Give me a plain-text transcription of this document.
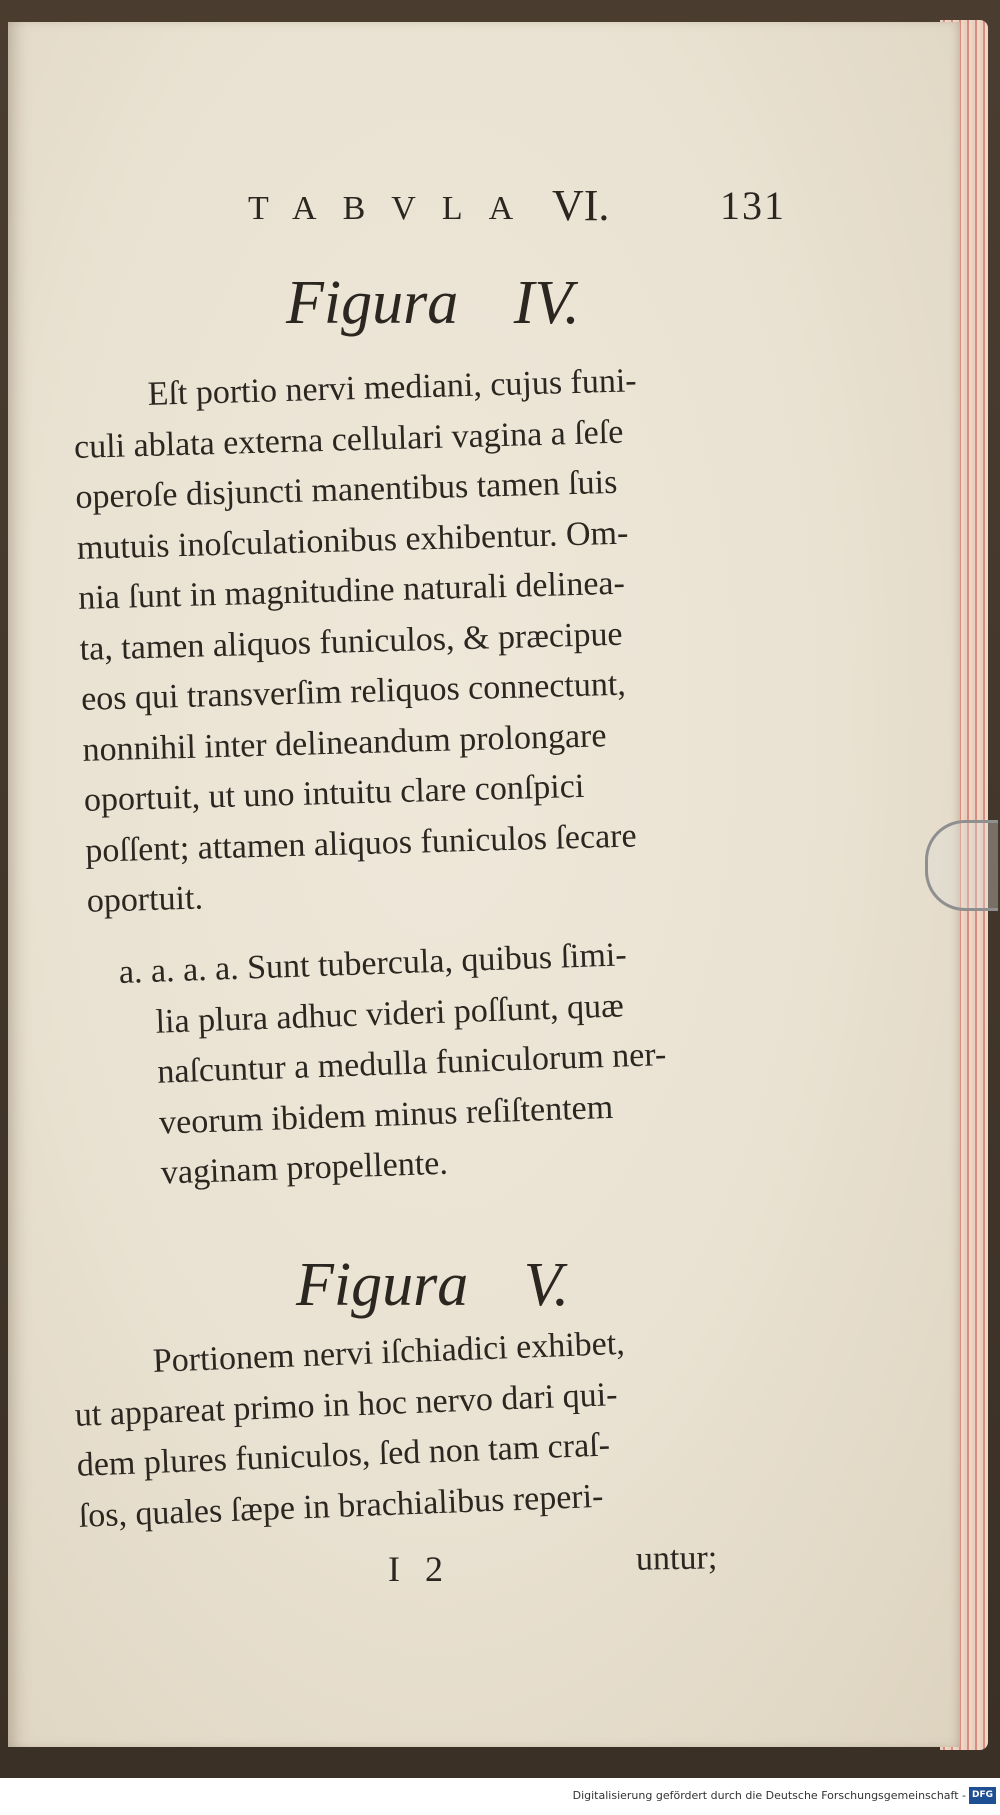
TABVLA VI.	131
Figura IV.
Eſt portio nervi mediani, cujus funi-
culi ablata externa cellulari vagina a ſeſe
operoſe disjuncti manentibus tamen ſuis
mutuis inoſculationibus exhibentur. Om-
nia ſunt in magnitudine naturali delinea-
ta, tamen aliquos funiculos, & præcipue
eos qui transverſim reliquos connectunt,
nonnihil inter delineandum prolongare
oportuit, ut uno intuitu clare conſpici
poſſent; attamen aliquos funiculos ſecare
oportuit.
a. a. a. a. Sunt tubercula, quibus ſimi-
lia plura adhuc videri poſſunt, quæ
naſcuntur a medulla funiculorum ner-
veorum ibidem minus reſiſtentem
vaginam propellente.
Figura V.
Portionem nervi iſchiadici exhibet,
ut appareat primo in hoc nervo dari qui-
dem plures funiculos, ſed non tam craſ-
ſos, quales ſæpe in brachialibus reperi-
I 2	untur;
Digitalisierung gefördert durch die Deutsche Forschungsgemeinschaft - DFG
